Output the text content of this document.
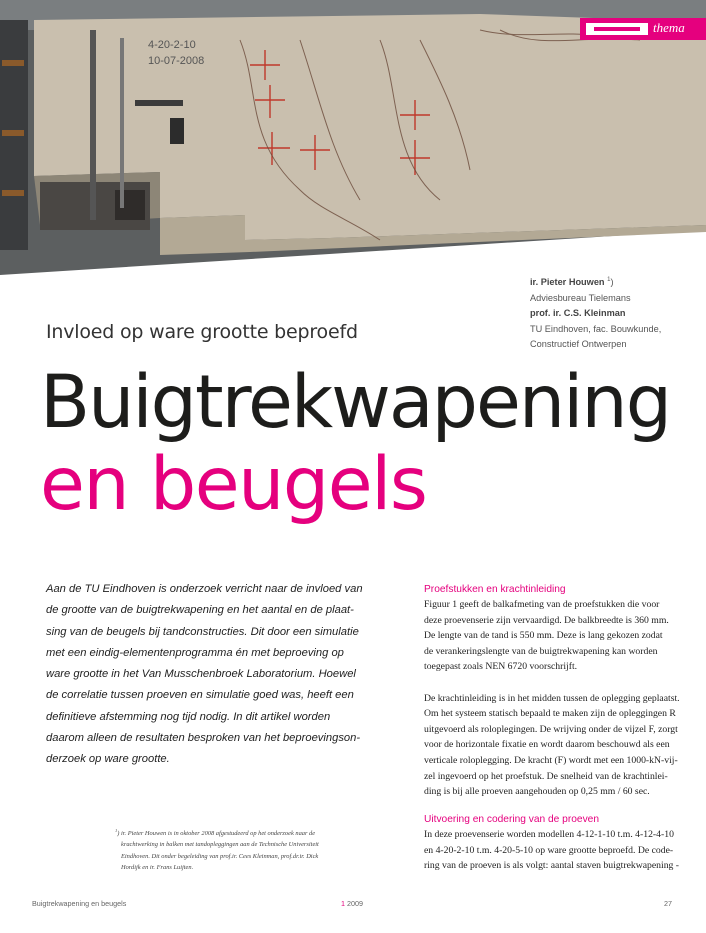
4-20-2-10
10-07-2008
thema
ir. Pieter Houwen $^1$)
Adviesbureau Tielemans
prof. ir. C.S. Kleinman
TU Eindhoven, fac. Bouwkunde,
Constructief Ontwerpen
Invloed op ware grootte beproefd
Buigtrekwapening
en beugels
Aan de TU Eindhoven is onderzoek verricht naar de invloed van
de grootte van de buigtrekwapening en het aantal en de plaat-
sing van de beugels bij tandconstructies. Dit door een simulatie
met een eindig-elementenprogramma én met beproeving op
ware grootte in het Van Musschenbroek Laboratorium. Hoewel
de correlatie tussen proeven en simulatie goed was, heeft een
definitieve afstemming nog tijd nodig. In dit artikel worden
daarom alleen de resultaten besproken van het beproevingson-
derzoek op ware grootte.
$^1$) ir. Pieter Houwen is in oktober 2008 afgestudeerd op het onderzoek naar de
krachtwerking in balken met tandopleggingen aan de Technische Universiteit
Eindhoven. Dit onder begeleiding van prof.ir. Cees Kleinman, prof.dr.ir. Dick
Hordijk en ir. Frans Luijten.
Proefstukken en krachtinleiding
Figuur 1 geeft de balkafmeting van de proefstukken die voor
deze proevenserie zijn vervaardigd. De balkbreedte is 360 mm.
De lengte van de tand is 550 mm. Deze is lang gekozen zodat
de verankeringslengte van de buigtrekwapening kan worden
toegepast zoals NEN 6720 voorschrijft.
De krachtinleiding is in het midden tussen de oplegging geplaatst.
Om het systeem statisch bepaald te maken zijn de opleggingen R
uitgevoerd als roloplegingen. De wrijving onder de vijzel F, zorgt
voor de horizontale fixatie en wordt daarom beschouwd als een
verticale roloplegging. De kracht (F) wordt met een 1000-kN-vij-
zel ingevoerd op het proefstuk. De snelheid van de krachtinlei-
ding is bij alle proeven aangehouden op 0,25 mm / 60 sec.
Uitvoering en codering van de proeven
In deze proevenserie worden modellen 4-12-1-10 t.m. 4-12-4-10
en 4-20-2-10 t.m. 4-20-5-10 op ware grootte beproefd. De code-
ring van de proeven is als volgt: aantal staven buigtrekwapening -
Buigtrekwapening en beugels	1 2009	27
